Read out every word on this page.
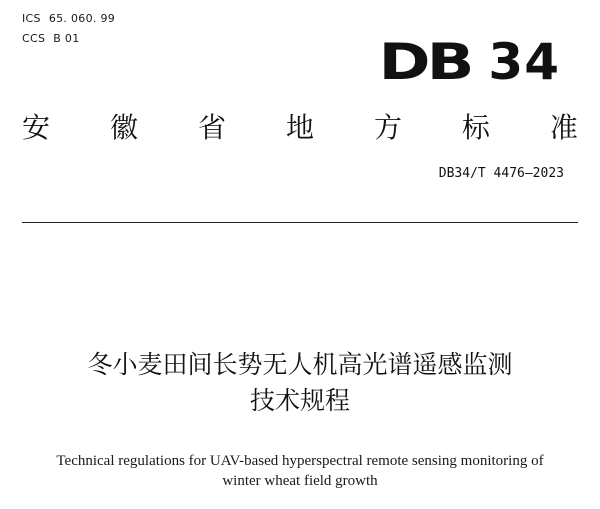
ICS 65. 060. 99
CCS B 01	DB 34
安 徽 省 地 方 标 准
DB34/T 4476—2023
冬小麦田间长势无人机高光谱遥感监测
技术规程
Technical regulations for UAV-based hyperspectral remote sensing monitoring of
winter wheat field growth
